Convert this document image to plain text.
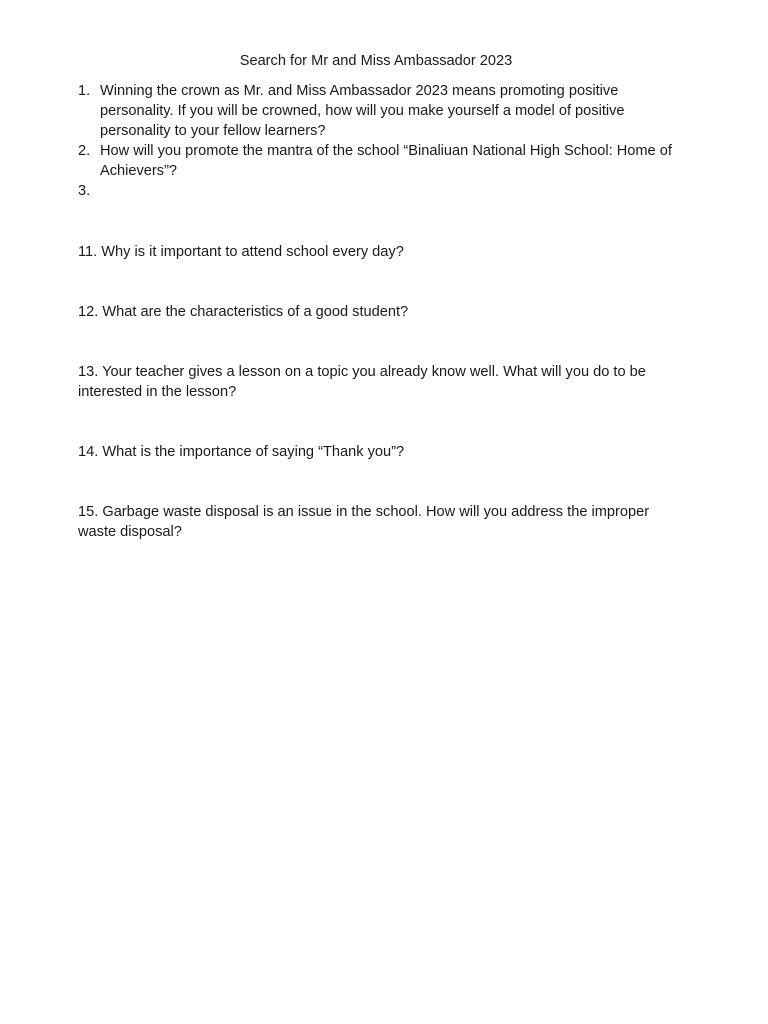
Search for Mr and Miss Ambassador 2023
1. Winning the crown as Mr. and Miss Ambassador 2023 means promoting positive personality. If you will be crowned, how will you make yourself a model of positive personality to your fellow learners?
2. How will you promote the mantra of the school “Binaliuan National High School: Home of Achievers”?
3.

11. Why is it important to attend school every day?

12. What are the characteristics of a good student?

13. Your teacher gives a lesson on a topic you already know well. What will you do to be interested in the lesson?

14. What is the importance of saying “Thank you”?

15. Garbage waste disposal is an issue in the school. How will you address the improper waste disposal?
